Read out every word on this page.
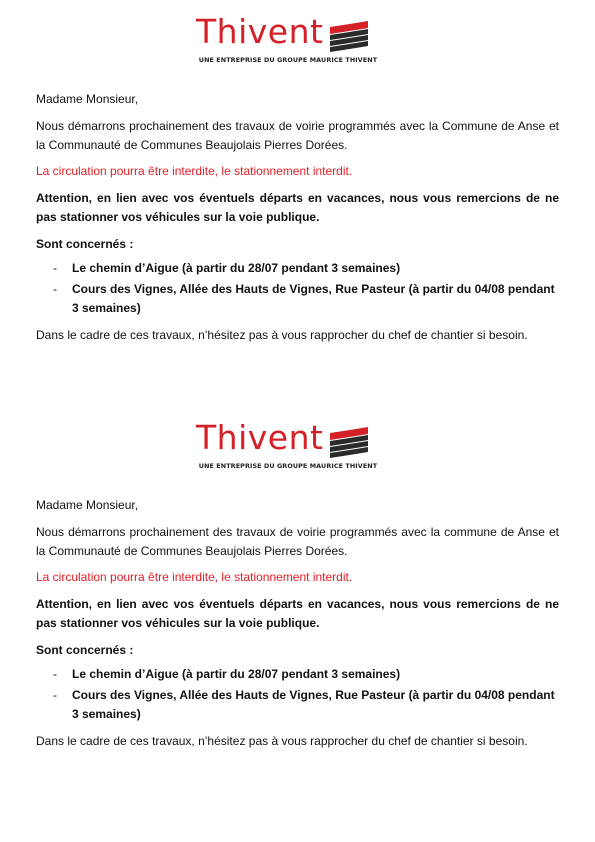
Thivent
UNE ENTREPRISE DU GROUPE MAURICE THIVENT

Madame Monsieur,

Nous démarrons prochainement des travaux de voirie programmés avec la Commune de Anse et la Communauté de Communes Beaujolais Pierres Dorées.

La circulation pourra être interdite, le stationnement interdit.

Attention, en lien avec vos éventuels départs en vacances, nous vous remercions de ne pas stationner vos véhicules sur la voie publique.

Sont concernés :

- Le chemin d’Aigue (à partir du 28/07 pendant 3 semaines)
- Cours des Vignes, Allée des Hauts de Vignes, Rue Pasteur (à partir du 04/08 pendant 3 semaines)

Dans le cadre de ces travaux, n’hésitez pas à vous rapprocher du chef de chantier si besoin.

Thivent
UNE ENTREPRISE DU GROUPE MAURICE THIVENT

Madame Monsieur,

Nous démarrons prochainement des travaux de voirie programmés avec la commune de Anse et la Communauté de Communes Beaujolais Pierres Dorées.

La circulation pourra être interdite, le stationnement interdit.

Attention, en lien avec vos éventuels départs en vacances, nous vous remercions de ne pas stationner vos véhicules sur la voie publique.

Sont concernés :

- Le chemin d’Aigue (à partir du 28/07 pendant 3 semaines)
- Cours des Vignes, Allée des Hauts de Vignes, Rue Pasteur (à partir du 04/08 pendant 3 semaines)

Dans le cadre de ces travaux, n’hésitez pas à vous rapprocher du chef de chantier si besoin.
